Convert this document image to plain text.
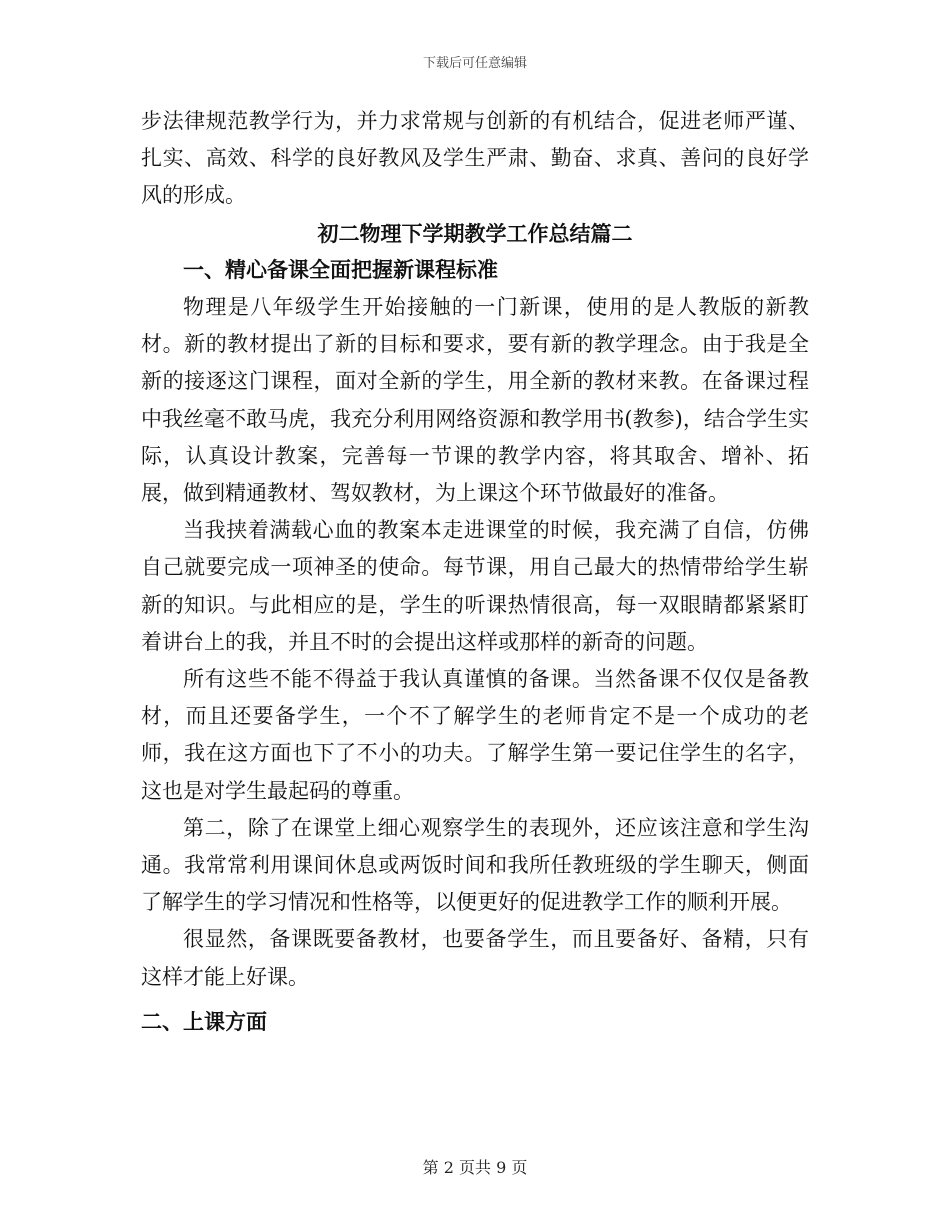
下载后可任意编辑

步法律规范教学行为，并力求常规与创新的有机结合，促进老师严谨、扎实、高效、科学的良好教风及学生严肃、勤奋、求真、善问的良好学风的形成。

初二物理下学期教学工作总结篇二

一、精心备课全面把握新课程标准

物理是八年级学生开始接触的一门新课，使用的是人教版的新教材。新的教材提出了新的目标和要求，要有新的教学理念。由于我是全新的接逐这门课程，面对全新的学生，用全新的教材来教。在备课过程中我丝毫不敢马虎，我充分利用网络资源和教学用书(教参)，结合学生实际，认真设计教案，完善每一节课的教学内容，将其取舍、增补、拓展，做到精通教材、驾奴教材，为上课这个环节做最好的准备。

当我挟着满载心血的教案本走进课堂的时候，我充满了自信，仿佛自己就要完成一项神圣的使命。每节课，用自己最大的热情带给学生崭新的知识。与此相应的是，学生的听课热情很高，每一双眼睛都紧紧盯着讲台上的我，并且不时的会提出这样或那样的新奇的问题。

所有这些不能不得益于我认真谨慎的备课。当然备课不仅仅是备教材，而且还要备学生，一个不了解学生的老师肯定不是一个成功的老师，我在这方面也下了不小的功夫。了解学生第一要记住学生的名字，这也是对学生最起码的尊重。

第二，除了在课堂上细心观察学生的表现外，还应该注意和学生沟通。我常常利用课间休息或两饭时间和我所任教班级的学生聊天，侧面了解学生的学习情况和性格等，以便更好的促进教学工作的顺利开展。

很显然，备课既要备教材，也要备学生，而且要备好、备精，只有这样才能上好课。

二、上课方面

第 2 页共 9 页
